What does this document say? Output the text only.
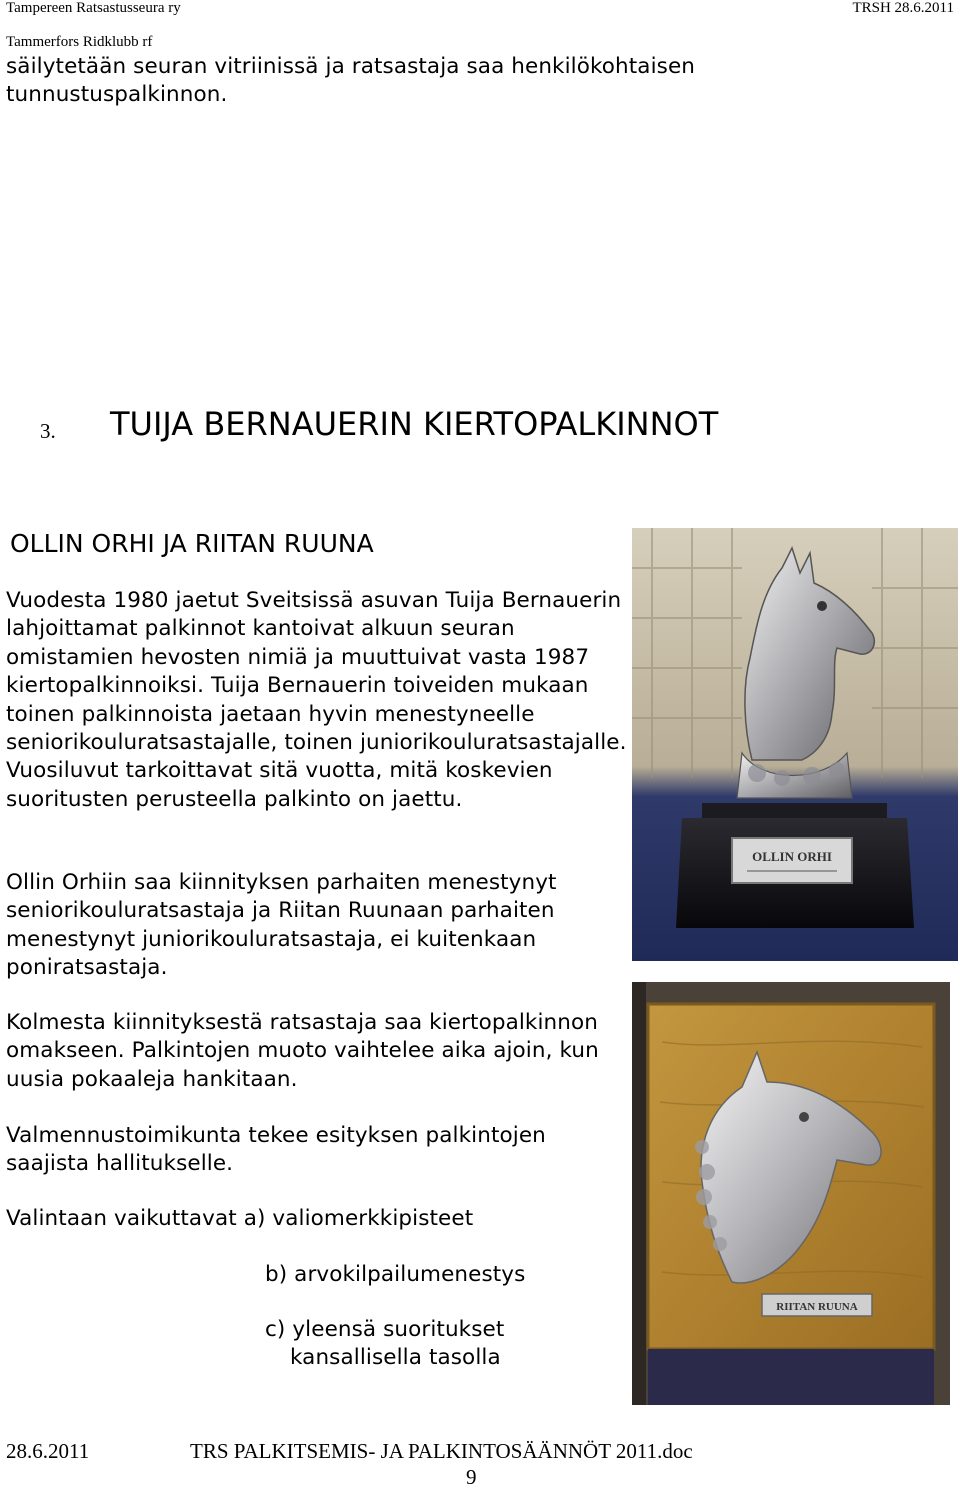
Tampereen Ratsastusseura ry	TRSH 28.6.2011
Tammerfors Ridklubb rf
säilytetään seuran vitriinissä ja ratsastaja saa henkilökohtaisen tunnustuspalkinnon.
3. TUIJA BERNAUERIN KIERTOPALKINNOT
OLLIN ORHI JA RIITAN RUUNA
Vuodesta 1980 jaetut Sveitsissä asuvan Tuija Bernauerin lahjoittamat palkinnot kantoivat alkuun seuran omistamien hevosten nimiä ja muuttuivat vasta 1987 kiertopalkinnoiksi. Tuija Bernauerin toiveiden mukaan toinen palkinnoista jaetaan hyvin menestyneelle seniorikouluratsastajalle, toinen juniorikouluratsastajalle. Vuosiluvut tarkoittavat sitä vuotta, mitä koskevien suoritusten perusteella palkinto on jaettu.
Ollin Orhiin saa kiinnityksen parhaiten menestynyt seniorikouluratsastaja ja Riitan Ruunaan parhaiten menestynyt juniorikouluratsastaja, ei kuitenkaan poniratsastaja.
Kolmesta kiinnityksestä ratsastaja saa kiertopalkinnon omakseen. Palkintojen muoto vaihtelee aika ajoin, kun uusia pokaaleja hankitaan.
Valmennustoimikunta tekee esityksen palkintojen saajista hallitukselle.
Valintaan vaikuttavat a) valiomerkkipisteet
b) arvokilpailumenestys
c) yleensä suoritukset
kansallisella tasolla
OLLIN ORHI
RIITAN RUUNA
28.6.2011	TRS PALKITSEMIS- JA PALKINTOSÄÄNNÖT 2011.doc
9
